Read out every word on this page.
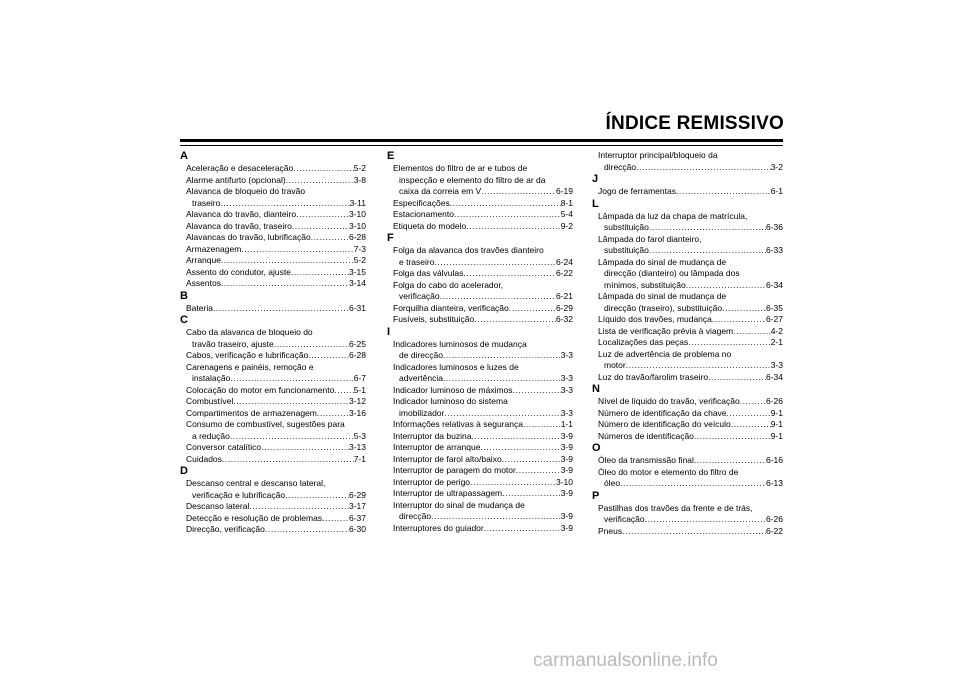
ÍNDICE REMISSIVO
A
Aceleração e desaceleração .....	5-2
Alarme antifurto (opcional) .....	3-8
Alavanca de bloqueio do travão
traseiro .....	3-11
Alavanca do travão, dianteiro .....	3-10
Alavanca do travão, traseiro .....	3-10
Alavancas do travão, lubrificação .....	6-28
Armazenagem .....	7-3
Arranque .....	5-2
Assento do condutor, ajuste .....	3-15
Assentos .....	3-14
B
Bateria .....	6-31
C
Cabo da alavanca de bloqueio do
travão traseiro, ajuste .....	6-25
Cabos, verificação e lubrificação .....	6-28
Carenagens e painéis, remoção e
instalação .....	6-7
Colocação do motor em funcionamento ..... 5-1
Combustível .....	3-12
Compartimentos de armazenagem .....	3-16
Consumo de combustível, sugestões para
a redução .....	5-3
Conversor catalítico .....	3-13
Cuidados .....	7-1
D
Descanso central e descanso lateral,
verificação e lubrificação .....	6-29
Descanso lateral .....	3-17
Detecção e resolução de problemas .....	6-37
Direcção, verificação .....	6-30
E
Elementos do filtro de ar e tubos de
inspecção e elemento do filtro de ar da
caixa da correia em V .....	6-19
Especificações .....	8-1
Estacionamento .....	5-4
Etiqueta do modelo .....	9-2
F
Folga da alavanca dos travões dianteiro
e traseiro .....	6-24
Folga das válvulas .....	6-22
Folga do cabo do acelerador,
verificação .....	6-21
Forquilha dianteira, verificação .....	6-29
Fusíveis, substituição .....	6-32
I
Indicadores luminosos de mudança
de direcção .....	3-3
Indicadores luminosos e luzes de
advertência .....	3-3
Indicador luminoso de máximos .....	3-3
Indicador luminoso do sistema
imobilizador .....	3-3
Informações relativas à segurança .....	1-1
Interruptor da buzina .....	3-9
Interruptor de arranque .....	3-9
Interruptor de farol alto/baixo .....	3-9
Interruptor de paragem do motor .....	3-9
Interruptor de perigo .....	3-10
Interruptor de ultrapassagem .....	3-9
Interruptor do sinal de mudança de
direcção .....	3-9
Interruptores do guiador .....	3-9
Interruptor principal/bloqueio da
direcção .....	3-2
J
Jogo de ferramentas .....	6-1
L
Lâmpada da luz da chapa de matrícula,
substituição .....	6-36
Lâmpada do farol dianteiro,
substituição .....	6-33
Lâmpada do sinal de mudança de
direcção (dianteiro) ou lâmpada dos
mínimos, substituição .....	6-34
Lâmpada do sinal de mudança de
direcção (traseiro), substituição .....	6-35
Líquido dos travões, mudança .....	6-27
Lista de verificação prévia à viagem .....	4-2
Localizações das peças .....	2-1
Luz de advertência de problema no
motor .....	3-3
Luz do travão/farolim traseiro .....	6-34
N
Nível de líquido do travão, verificação .....	6-26
Número de identificação da chave .....	9-1
Número de identificação do veículo .....	9-1
Números de identificação .....	9-1
O
Óleo da transmissão final .....	6-16
Óleo do motor e elemento do filtro de
óleo .....	6-13
P
Pastilhas dos travões da frente e de trás,
verificação .....	6-26
Pneus .....	6-22
carmanualsonline.info
